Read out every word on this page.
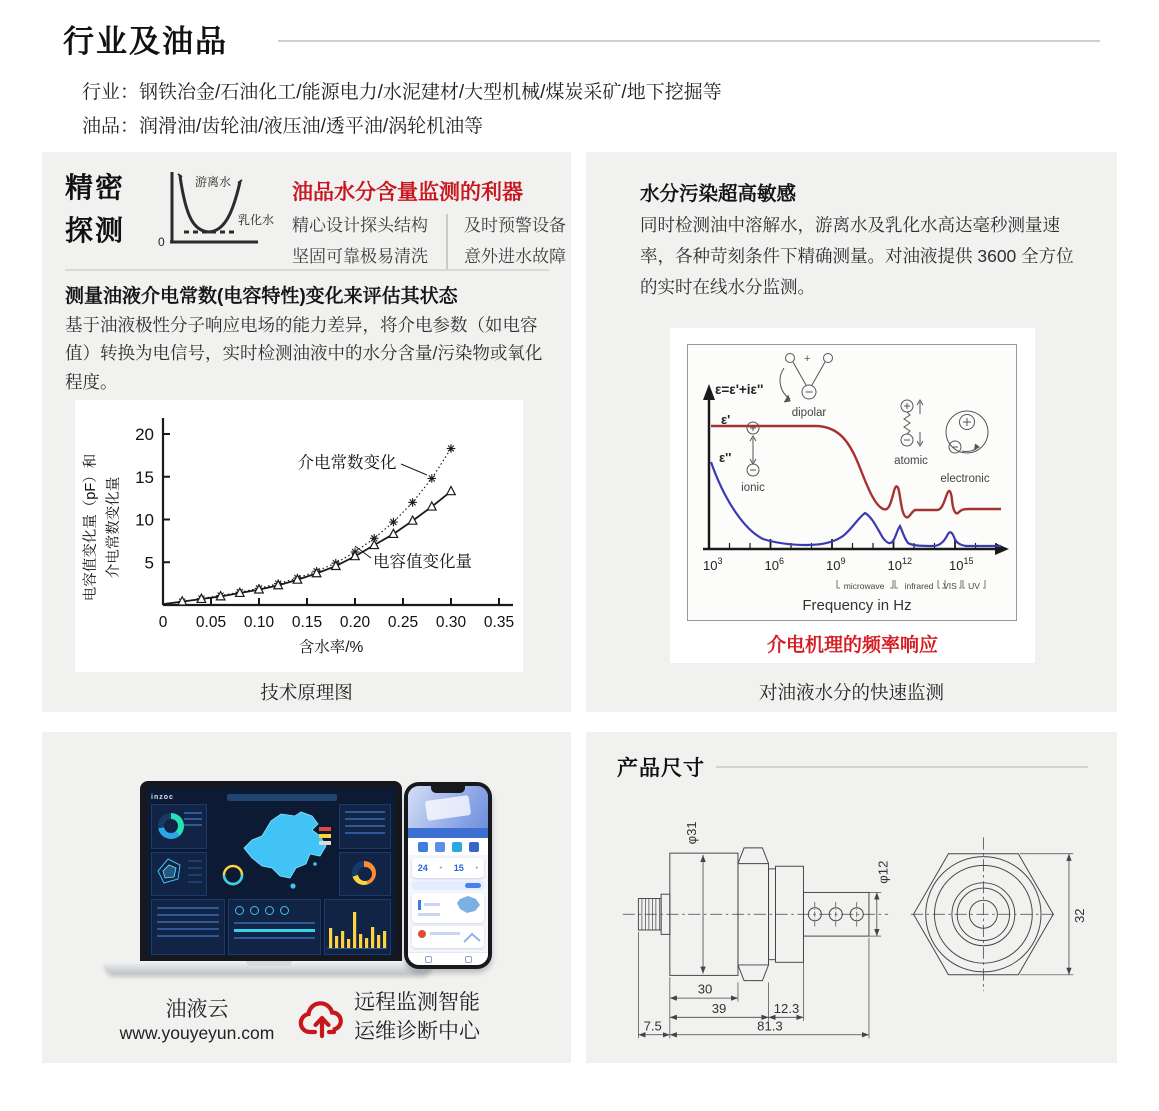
行业及油品
行业：钢铁冶金/石油化工/能源电力/水泥建材/大型机械/煤炭采矿/地下挖掘等
油品：润滑油/齿轮油/液压油/透平油/涡轮机油等
精密
探测
游离水
乳化水
0
油品水分含量监测的利器
精心设计探头结构
坚固可靠极易清洗
及时预警设备
意外进水故障
测量油液介电常数(电容特性)变化来评估其状态

基于油液极性分子响应电场的能力差异，将介电参数（如电容值）转换为电信号，实时检测油液中的水分含量/污染物或氧化程度。

5
10
15
20
0 0.05 0.10 0.15 0.20 0.25 0.30 0.35
电容值变化量（pF）和 介电常数变化量
含水率/%
介电常数变化
电容值变化量
技术原理图
水分污染超高敏感

同时检测油中溶解水，游离水及乳化水高达毫秒测量速率，各种苛刻条件下精确测量。对油液提供 3600 全方位的实时在线水分监测。

$10^3$	$10^6$	$10^9$	$10^{12}$	$10^{15}$
ε=ε'+iε''
ε'
ε''
+
dipolar
ionic
atomic
electronic
microwave infrared VIS UV
Frequency in Hz
介电机理的频率响应
对油液水分的快速监测
inzoc
24 ● 15 ●
油液云
www.youyeyun.com
远程监测智能
运维诊断中心
产品尺寸
φ31
φ12
30
39	12.3
7.5	81.3
32
